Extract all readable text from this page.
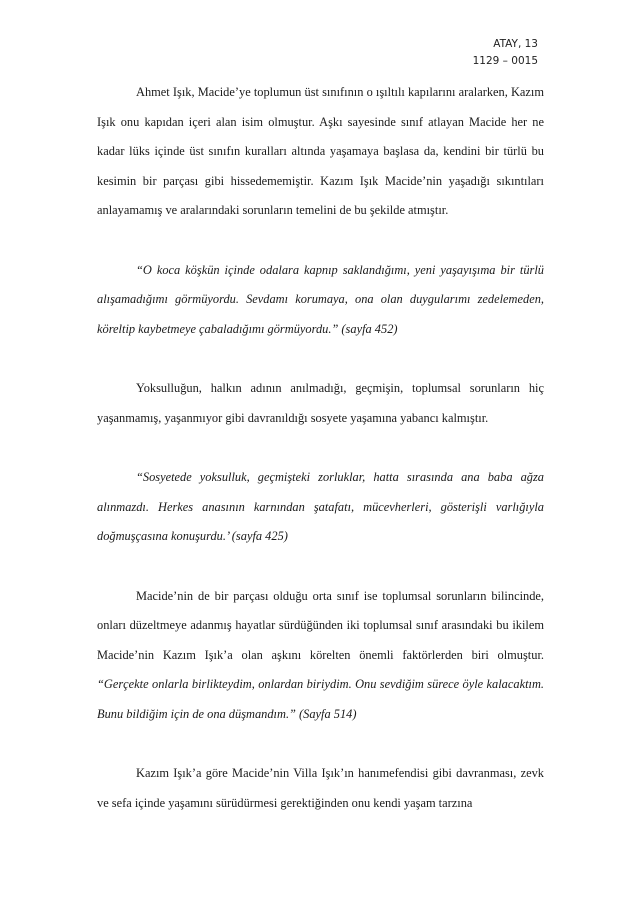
ATAY, 13
1129 – 0015

Ahmet Işık, Macide’ye toplumun üst sınıfının o ışıltılı kapılarını aralarken, Kazım Işık onu kapıdan içeri alan isim olmuştur. Aşkı sayesinde sınıf atlayan Macide her ne kadar lüks içinde üst sınıfın kuralları altında yaşamaya başlasa da, kendini bir türlü bu kesimin bir parçası gibi hissedememiştir. Kazım Işık Macide’nin yaşadığı sıkıntıları anlayamamış ve aralarındaki sorunların temelini de bu şekilde atmıştır.

“O koca köşkün içinde odalara kapnıp saklandığımı, yeni yaşayışıma bir türlü alışamadığımı görmüyordu. Sevdamı korumaya, ona olan duygularımı zedelemeden, köreltip kaybetmeye çabaladığımı görmüyordu.” (sayfa 452)

Yoksulluğun, halkın adının anılmadığı, geçmişin, toplumsal sorunların hiç yaşanmamış, yaşanmıyor gibi davranıldığı sosyete yaşamına yabancı kalmıştır.

“Sosyetede yoksulluk, geçmişteki zorluklar, hatta sırasında ana baba ağza alınmazdı. Herkes anasının karnından şatafatı, mücevherleri, gösterişli varlığıyla doğmuşçasına konuşurdu.’ (sayfa 425)

Macide’nin de bir parçası olduğu orta sınıf ise toplumsal sorunların bilincinde, onları düzeltmeye adanmış hayatlar sürdüğünden iki toplumsal sınıf arasındaki bu ikilem Macide’nin Kazım Işık’a olan aşkını körelten önemli faktörlerden biri olmuştur. “Gerçekte onlarla birlikteydim, onlardan biriydim. Onu sevdiğim sürece öyle kalacaktım. Bunu bildiğim için de ona düşmandım.” (Sayfa 514)

Kazım Işık’a göre Macide’nin Villa Işık’ın hanımefendisi gibi davranması, zevk ve sefa içinde yaşamını sürüdürmesi gerektiğinden onu kendi yaşam tarzına
